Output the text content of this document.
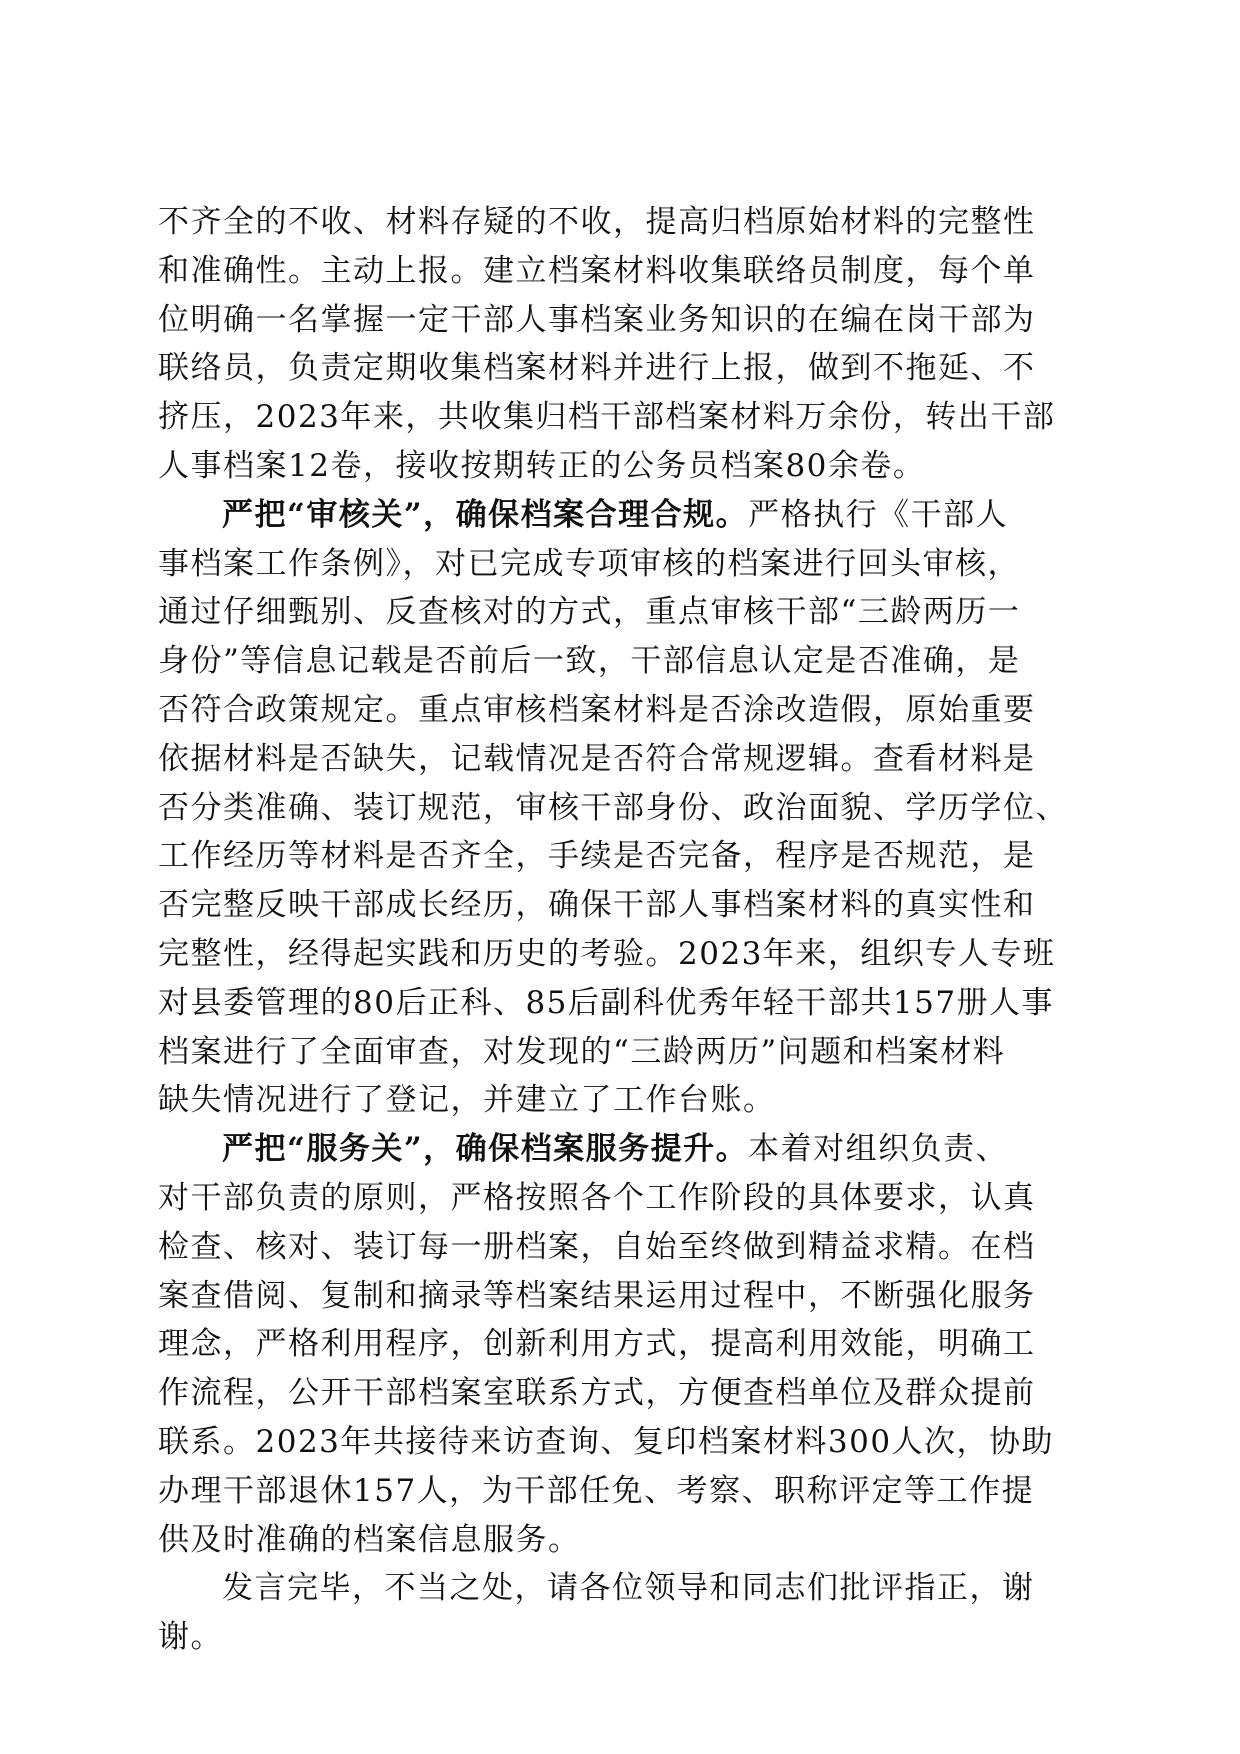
不齐全的不收、材料存疑的不收，提高归档原始材料的完整性
和准确性。主动上报。建立档案材料收集联络员制度，每个单
位明确一名掌握一定干部人事档案业务知识的在编在岗干部为
联络员，负责定期收集档案材料并进行上报，做到不拖延、不
挤压，2023年来，共收集归档干部档案材料万余份，转出干部
人事档案12卷，接收按期转正的公务员档案80余卷。
严把“审核关”，确保档案合理合规。严格执行《干部人
事档案工作条例》，对已完成专项审核的档案进行回头审核，
通过仔细甄别、反查核对的方式，重点审核干部“三龄两历一
身份”等信息记载是否前后一致，干部信息认定是否准确，是
否符合政策规定。重点审核档案材料是否涂改造假，原始重要
依据材料是否缺失，记载情况是否符合常规逻辑。查看材料是
否分类准确、装订规范，审核干部身份、政治面貌、学历学位、
工作经历等材料是否齐全，手续是否完备，程序是否规范，是
否完整反映干部成长经历，确保干部人事档案材料的真实性和
完整性，经得起实践和历史的考验。2023年来，组织专人专班
对县委管理的80后正科、85后副科优秀年轻干部共157册人事
档案进行了全面审查，对发现的“三龄两历”问题和档案材料
缺失情况进行了登记，并建立了工作台账。
严把“服务关”，确保档案服务提升。本着对组织负责、
对干部负责的原则，严格按照各个工作阶段的具体要求，认真
检查、核对、装订每一册档案，自始至终做到精益求精。在档
案查借阅、复制和摘录等档案结果运用过程中，不断强化服务
理念，严格利用程序，创新利用方式，提高利用效能，明确工
作流程，公开干部档案室联系方式，方便查档单位及群众提前
联系。2023年共接待来访查询、复印档案材料300人次，协助
办理干部退休157人，为干部任免、考察、职称评定等工作提
供及时准确的档案信息服务。
发言完毕，不当之处，请各位领导和同志们批评指正，谢
谢。
